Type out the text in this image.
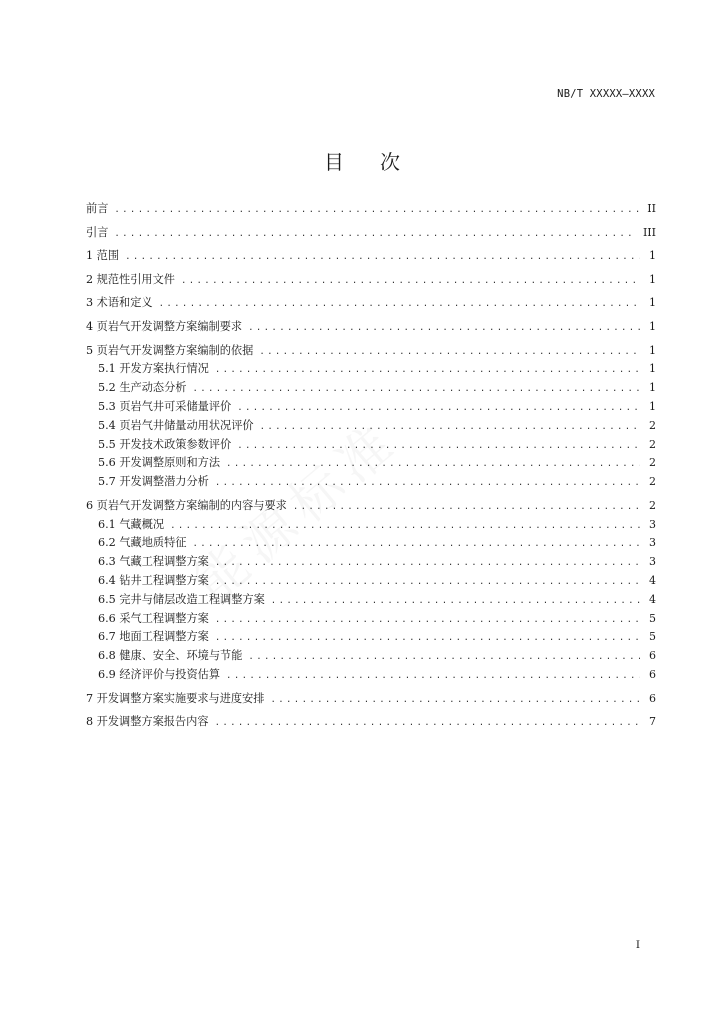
NB/T XXXXX—XXXX
目次
前言 .....	II
引言 .....	III
1 范围 .....	1
2 规范性引用文件 .....	1
3 术语和定义 .....	1
4 页岩气开发调整方案编制要求 .....	1
5 页岩气开发调整方案编制的依据 .....	1
5.1 开发方案执行情况 .....	1
5.2 生产动态分析 .....	1
5.3 页岩气井可采储量评价 .....	1
5.4 页岩气井储量动用状况评价 .....	2
5.5 开发技术政策参数评价 .....	2
5.6 开发调整原则和方法 .....	2
5.7 开发调整潜力分析 .....	2
6 页岩气开发调整方案编制的内容与要求 .....	2
6.1 气藏概况 .....	3
6.2 气藏地质特征 .....	3
6.3 气藏工程调整方案 .....	3
6.4 钻井工程调整方案 .....	4
6.5 完井与储层改造工程调整方案 .....	4
6.6 采气工程调整方案 .....	5
6.7 地面工程调整方案 .....	5
6.8 健康、安全、环境与节能 .....	6
6.9 经济评价与投资估算 .....	6
7 开发调整方案实施要求与进度安排 .....	6
8 开发调整方案报告内容 .....	7
I
